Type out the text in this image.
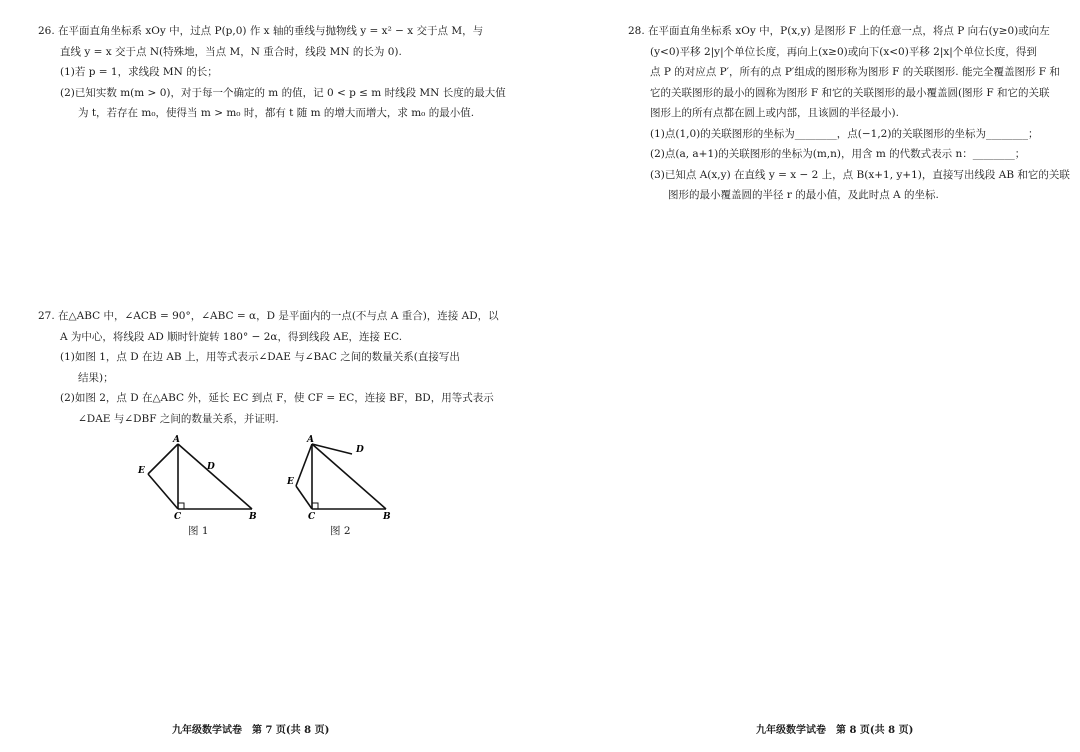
26. 在平面直角坐标系 xOy 中，过点 P(p,0) 作 x 轴的垂线与抛物线 y = x² − x 交于点 M，与
直线 y = x 交于点 N(特殊地，当点 M，N 重合时，线段 MN 的长为 0).
(1)若 p = 1，求线段 MN 的长；
(2)已知实数 m(m > 0)，对于每一个确定的 m 的值，记 0 < p ≤ m 时线段 MN 长度的最大值
为 t，若存在 m₀，使得当 m > m₀ 时，都有 t 随 m 的增大而增大，求 m₀ 的最小值.
27. 在△ABC 中，∠ACB = 90°，∠ABC = α，D 是平面内的一点(不与点 A 重合)，连接 AD，以
A 为中心，将线段 AD 顺时针旋转 180° − 2α，得到线段 AE，连接 EC.
(1)如图 1，点 D 在边 AB 上，用等式表示∠DAE 与∠BAC 之间的数量关系(直接写出
结果)；
(2)如图 2，点 D 在△ABC 外，延长 EC 到点 F，使 CF = EC，连接 BF，BD，用等式表示
∠DAE 与∠DBF 之间的数量关系，并证明.
A
E	D
C	B
图 1
A
D
E
C	B
图 2
九年级数学试卷　第 7 页(共 8 页)
28. 在平面直角坐标系 xOy 中，P(x,y) 是图形 F 上的任意一点，将点 P 向右(y≥0)或向左
(y<0)平移 2|y|个单位长度，再向上(x≥0)或向下(x<0)平移 2|x|个单位长度，得到
点 P 的对应点 P′，所有的点 P′组成的图形称为图形 F 的关联图形. 能完全覆盖图形 F 和
它的关联图形的最小的圆称为图形 F 和它的关联图形的最小覆盖圆(图形 F 和它的关联
图形上的所有点都在圆上或内部，且该圆的半径最小).
(1)点(1,0)的关联图形的坐标为________，点(−1,2)的关联图形的坐标为________；
(2)点(a, a+1)的关联图形的坐标为(m,n)，用含 m 的代数式表示 n：________；
(3)已知点 A(x,y) 在直线 y = x − 2 上，点 B(x+1, y+1)，直接写出线段 AB 和它的关联
图形的最小覆盖圆的半径 r 的最小值，及此时点 A 的坐标.
九年级数学试卷　第 8 页(共 8 页)
